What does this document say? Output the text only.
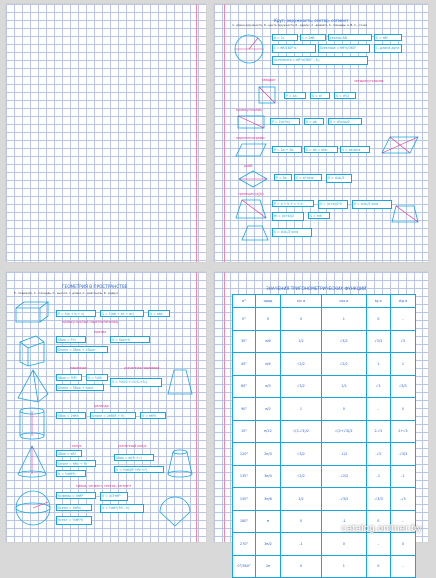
Круг; окружность, сектор, сегмент
d - длина окружности, D - центр окружности, R - радиус, d - диаметр, S - площадь, A, B, C, - точки
d = 2r	L = 2πR	сектор AB	S = πR²
L = πR/180°·α	Sсектора = πR²α/360°	l - длина дуги
Sсегмента = πR²α/360° - S△
квадрат
P = 4a	S = a²	S = d²/2
четырехугольник
прямоугольник
P = 2(a+b)	S = ab	S = d²sinα/2
параллелограмм
P = 2a + 2b	S = ah = bhb	S = ab·sinα
ромб
P = 4a	S = a²·sinα	S = d₁d₂/2
трапеция (a||b)
P = a + b + c + d	S = (a+b)/2·h	S = d₁d₂/2·sinα
m = (a+b)/2	S = mh
S = d₁d₂/2·sinα
ГЕОМЕТРИЯ В ПРОСТРАНСТВЕ
P - периметр, S - площадь, h - высота, l - длина, d - диагональ, R - радиус
P = 4(a + b + c)	S = 2(ab + bc + ac)	V = abc
прямоугольный параллелепипед
призма
Sбок = P·h	V = Sосн·h
Sполн = Sбок + 2Sосн
пирамида	усеченная пирамида
Sбок = ½Pl	V = ⅓Sh
Sполн = Sбок + Sосн
V = ⅓h(S₁+√S₁S₂+S₂)
цилиндр
Sбок = 2πRh	Sполн = 2πR(R + h)	V = πR²h
конус	усеченный конус
Sбок = πRl
Sполн = πR(l + R)
V = ⅓πR²h
Sбок = πl(R + r)
V = ⅓πh(R²+Rr+r²)
сфера, сегмент, сектор, сегмент
Sсферы = 4πR²	V = 4/3·πR³
Sсегм = 2πRh	V = ⅓πh²(3R - h)
Vсект = ⅔πR²h
ЗНАЧЕНИЯ ТРИГОНОМЕТРИЧЕСКИХ ФУНКЦИЙ
α°	αрад	sin α	cos α	tg α	ctg α
0°	0	0	1	0	–
30°	π/6	1/2	√3/2	√3/3	√3
45°	π/4	√2/2	√2/2	1	1
60°	π/3	√3/2	1/2	√3	√3/3
90°	π/2	1	0	–	0
15°	π/12	√(2-√3)/2	√(2+√3)/2	2-√3	2+√3
120°	2π/3	√3/2	-1/2	-√3	-√3/3
135°	3π/4	√2/2	-√2/2	-1	-1
150°	5π/6	1/2	-√3/2	-√3/3	-√3
180°	π	0	-1	0	–
270°	3π/2	-1	0	–	0
0°/360°	2π	0	1	0	–
catalog.onliner.by
